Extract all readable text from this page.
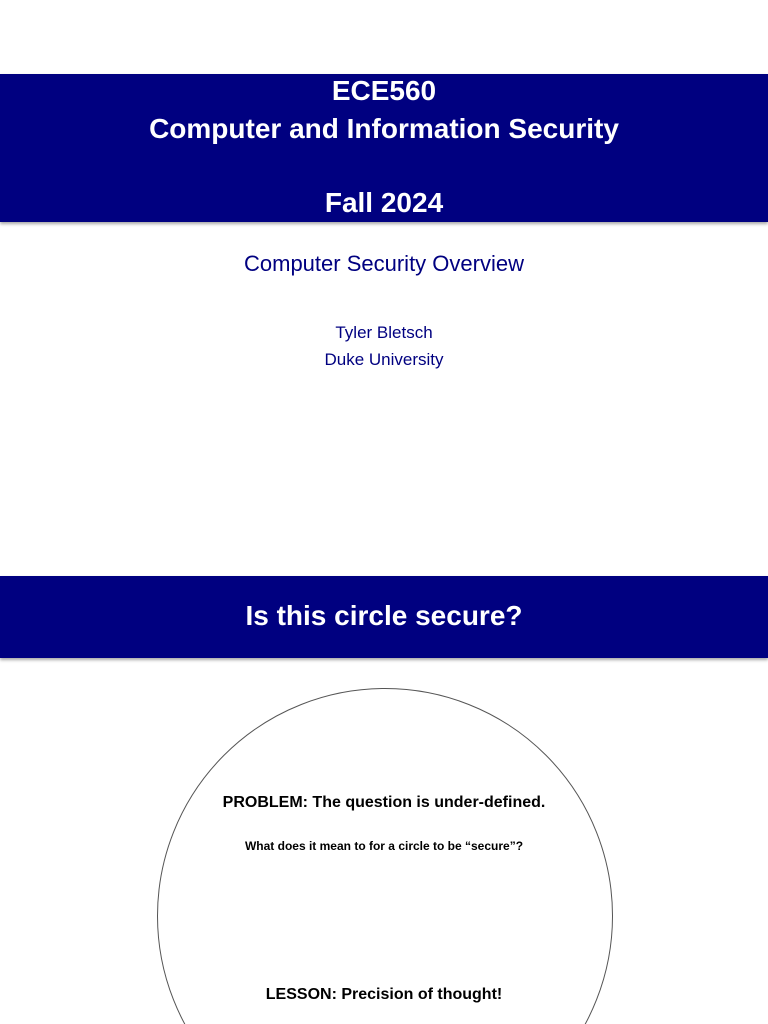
ECE560
Computer and Information Security
Fall 2024
Computer Security Overview
Tyler Bletsch
Duke University
Is this circle secure?
PROBLEM: The question is under-defined.
What does it mean to for a circle to be “secure”?
LESSON: Precision of thought!
